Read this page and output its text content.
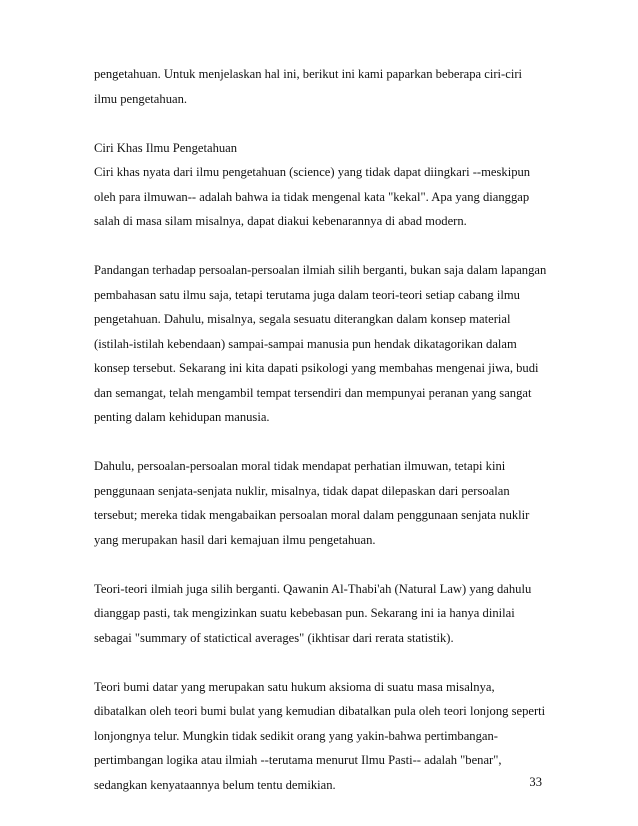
pengetahuan. Untuk menjelaskan hal ini, berikut ini kami paparkan beberapa ciri-ciri
ilmu pengetahuan.
Ciri Khas Ilmu Pengetahuan
Ciri khas nyata dari ilmu pengetahuan (science) yang tidak dapat diingkari --meskipun
oleh para ilmuwan-- adalah bahwa ia tidak mengenal kata "kekal". Apa yang dianggap
salah di masa silam misalnya, dapat diakui kebenarannya di abad modern.
Pandangan terhadap persoalan-persoalan ilmiah silih berganti, bukan saja dalam lapangan
pembahasan satu ilmu saja, tetapi terutama juga dalam teori-teori setiap cabang ilmu
pengetahuan. Dahulu, misalnya, segala sesuatu diterangkan dalam konsep material
(istilah-istilah kebendaan) sampai-sampai manusia pun hendak dikatagorikan dalam
konsep tersebut. Sekarang ini kita dapati psikologi yang membahas mengenai jiwa, budi
dan semangat, telah mengambil tempat tersendiri dan mempunyai peranan yang sangat
penting dalam kehidupan manusia.
Dahulu, persoalan-persoalan moral tidak mendapat perhatian ilmuwan, tetapi kini
penggunaan senjata-senjata nuklir, misalnya, tidak dapat dilepaskan dari persoalan
tersebut; mereka tidak mengabaikan persoalan moral dalam penggunaan senjata nuklir
yang merupakan hasil dari kemajuan ilmu pengetahuan.
Teori-teori ilmiah juga silih berganti. Qawanin Al-Thabi'ah (Natural Law) yang dahulu
dianggap pasti, tak mengizinkan suatu kebebasan pun. Sekarang ini ia hanya dinilai
sebagai "summary of statictical averages" (ikhtisar dari rerata statistik).
Teori bumi datar yang merupakan satu hukum aksioma di suatu masa misalnya,
dibatalkan oleh teori bumi bulat yang kemudian dibatalkan pula oleh teori lonjong seperti
lonjongnya telur. Mungkin tidak sedikit orang yang yakin-bahwa pertimbangan-
pertimbangan logika atau ilmiah --terutama menurut Ilmu Pasti-- adalah "benar",
sedangkan kenyataannya belum tentu demikian.	33
